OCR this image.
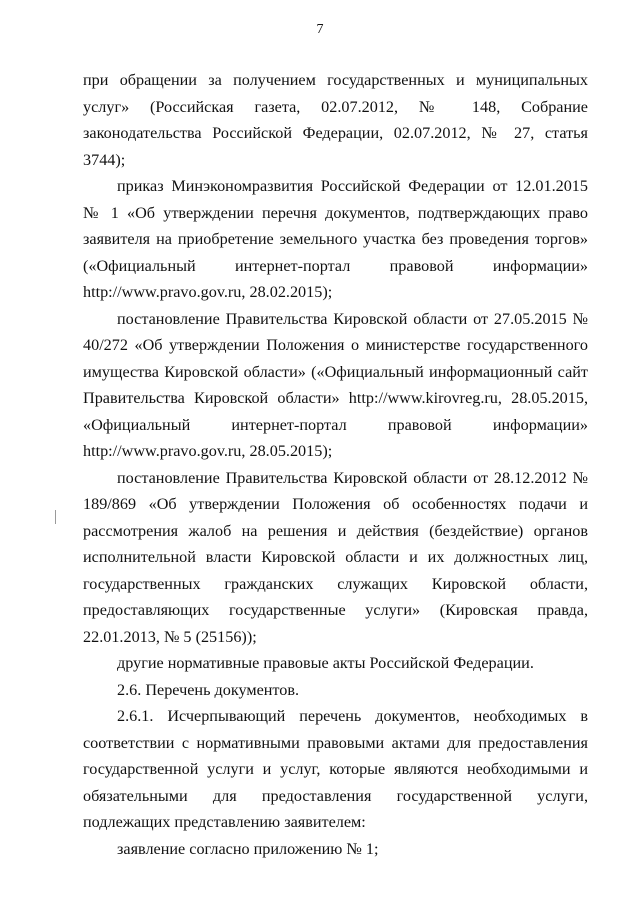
7

при обращении за получением государственных и муниципальных услуг» (Российская газета, 02.07.2012, № 148, Собрание законодательства Российской Федерации, 02.07.2012, № 27, статья 3744);

приказ Минэкономразвития Российской Федерации от 12.01.2015 № 1 «Об утверждении перечня документов, подтверждающих право заявителя на приобретение земельного участка без проведения торгов» («Официальный интернет-портал правовой информации» http://www.pravo.gov.ru, 28.02.2015);

постановление Правительства Кировской области от 27.05.2015 № 40/272 «Об утверждении Положения о министерстве государственного имущества Кировской области» («Официальный информационный сайт Правительства Кировской области» http://www.kirovreg.ru, 28.05.2015, «Официальный интернет-портал правовой информации» http://www.pravo.gov.ru, 28.05.2015);

постановление Правительства Кировской области от 28.12.2012 № 189/869 «Об утверждении Положения об особенностях подачи и рассмотрения жалоб на решения и действия (бездействие) органов исполнительной власти Кировской области и их должностных лиц, государственных гражданских служащих Кировской области, предоставляющих государственные услуги» (Кировская правда, 22.01.2013, № 5 (25156));

другие нормативные правовые акты Российской Федерации.

2.6. Перечень документов.

2.6.1. Исчерпывающий перечень документов, необходимых в соответствии с нормативными правовыми актами для предоставления государственной услуги и услуг, которые являются необходимыми и обязательными для предоставления государственной услуги, подлежащих представлению заявителем:

заявление согласно приложению № 1;
